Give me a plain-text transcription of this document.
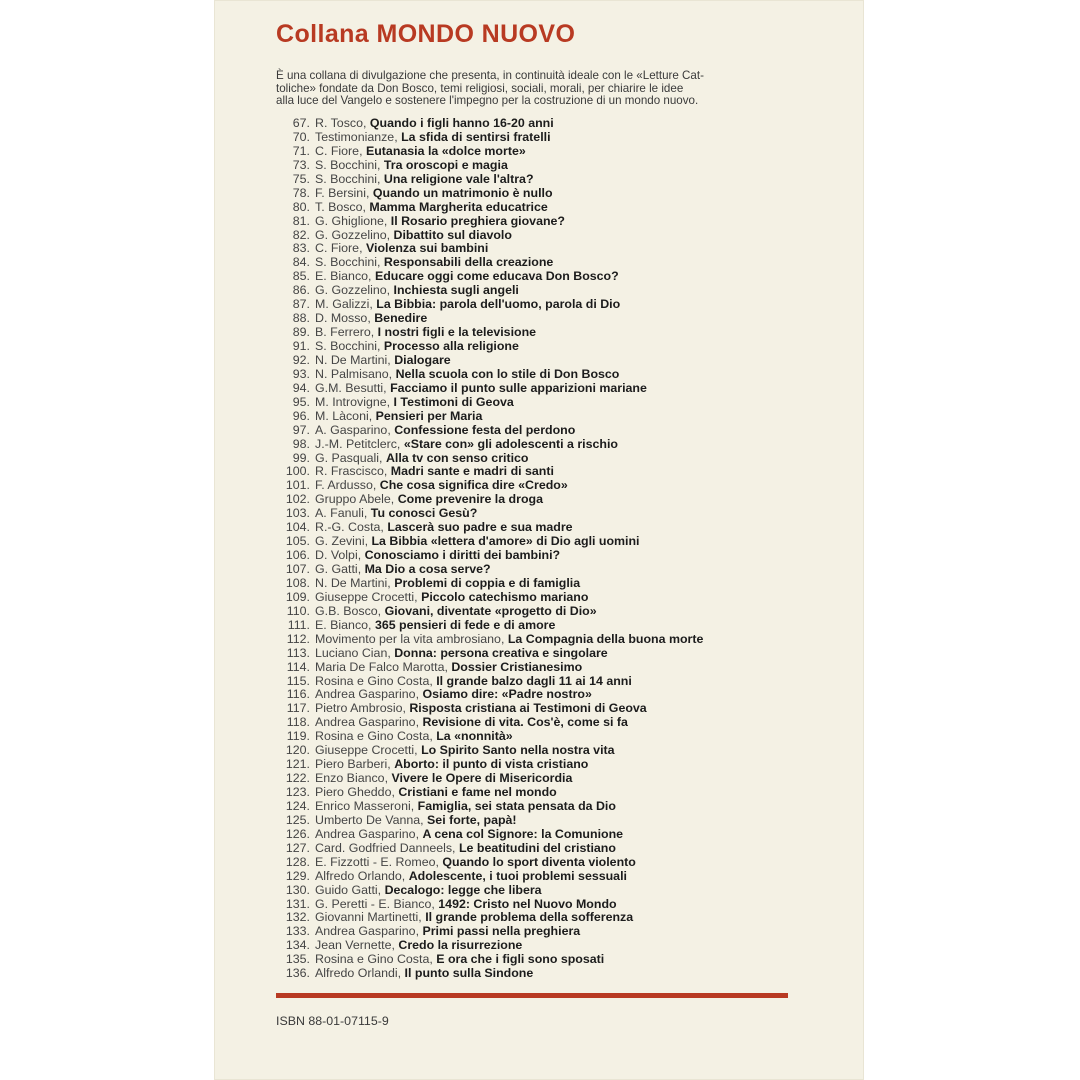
Collana MONDO NUOVO

È una collana di divulgazione che presenta, in continuità ideale con le «Letture Cat-
toliche» fondate da Don Bosco, temi religiosi, sociali, morali, per chiarire le idee
alla luce del Vangelo e sostenere l'impegno per la costruzione di un mondo nuovo.

67. R. Tosco,
Quando i figli hanno 16-20 anni
70. Testimonianze,
La sfida di sentirsi fratelli
71. C. Fiore,
Eutanasia la «dolce morte»
73. S. Bocchini,
Tra oroscopi e magia
75. S. Bocchini,
Una religione vale l'altra?
78. F. Bersini,
Quando un matrimonio è nullo
80. T. Bosco,
Mamma Margherita educatrice
81. G. Ghiglione,
Il Rosario preghiera giovane?
82. G. Gozzelino,
Dibattito sul diavolo
83. C. Fiore,
Violenza sui bambini
84. S. Bocchini,
Responsabili della creazione
85. E. Bianco,
Educare oggi come educava Don Bosco?
86. G. Gozzelino,
Inchiesta sugli angeli
87. M. Galizzi,
La Bibbia: parola dell'uomo, parola di Dio
88. D. Mosso,
Benedire
89. B. Ferrero,
I nostri figli e la televisione
91. S. Bocchini,
Processo alla religione
92. N. De Martini,
Dialogare
93. N. Palmisano,
Nella scuola con lo stile di Don Bosco
94. G.M. Besutti,
Facciamo il punto sulle apparizioni mariane
95. M. Introvigne,
I Testimoni di Geova
96. M. Làconi,
Pensieri per Maria
97. A. Gasparino,
Confessione festa del perdono
98. J.-M. Petitclerc,
«Stare con» gli adolescenti a rischio
99. G. Pasquali,
Alla tv con senso critico
100. R. Frascisco,
Madri sante e madri di santi
101. F. Ardusso,
Che cosa significa dire «Credo»
102. Gruppo Abele,
Come prevenire la droga
103. A. Fanuli,
Tu conosci Gesù?
104. R.-G. Costa,
Lascerà suo padre e sua madre
105. G. Zevini,
La Bibbia «lettera d'amore» di Dio agli uomini
106. D. Volpi,
Conosciamo i diritti dei bambini?
107. G. Gatti,
Ma Dio a cosa serve?
108. N. De Martini,
Problemi di coppia e di famiglia
109. Giuseppe Crocetti,
Piccolo catechismo mariano
110. G.B. Bosco,
Giovani, diventate «progetto di Dio»
111. E. Bianco,
365 pensieri di fede e di amore
112. Movimento per la vita ambrosiano,
La Compagnia della buona morte
113. Luciano Cian,
Donna: persona creativa e singolare
114. Maria De Falco Marotta,
Dossier Cristianesimo
115. Rosina e Gino Costa,
Il grande balzo dagli 11 ai 14 anni
116. Andrea Gasparino,
Osiamo dire: «Padre nostro»
117. Pietro Ambrosio,
Risposta cristiana ai Testimoni di Geova
118. Andrea Gasparino,
Revisione di vita. Cos'è, come si fa
119. Rosina e Gino Costa,
La «nonnità»
120. Giuseppe Crocetti,
Lo Spirito Santo nella nostra vita
121. Piero Barberi,
Aborto: il punto di vista cristiano
122. Enzo Bianco,
Vivere le Opere di Misericordia
123. Piero Gheddo,
Cristiani e fame nel mondo
124. Enrico Masseroni,
Famiglia, sei stata pensata da Dio
125. Umberto De Vanna,
Sei forte, papà!
126. Andrea Gasparino,
A cena col Signore: la Comunione
127. Card. Godfried Danneels,
Le beatitudini del cristiano
128. E. Fizzotti - E. Romeo,
Quando lo sport diventa violento
129. Alfredo Orlando,
Adolescente, i tuoi problemi sessuali
130. Guido Gatti,
Decalogo: legge che libera
131. G. Peretti - E. Bianco,
1492: Cristo nel Nuovo Mondo
132. Giovanni Martinetti,
Il grande problema della sofferenza
133. Andrea Gasparino,
Primi passi nella preghiera
134. Jean Vernette,
Credo la risurrezione
135. Rosina e Gino Costa,
E ora che i figli sono sposati
136. Alfredo Orlandi,
Il punto sulla Sindone
ISBN 88-01-07115-9
